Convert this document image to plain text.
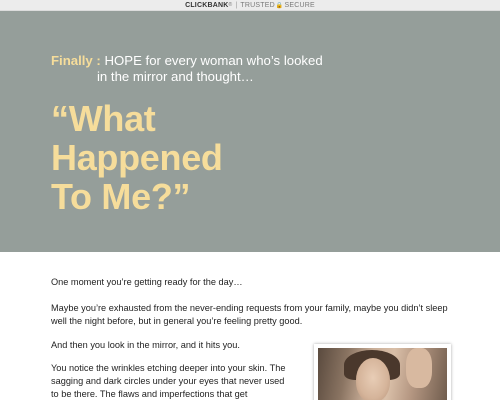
CLICKBANK ® | TRUSTED 🔒 SECURE
Finally : HOPE for every woman who’s looked
in the mirror and thought…
“What
Happened
To Me?”

One moment you’re getting ready for the day…

Maybe you’re exhausted from the never-ending requests from your family, maybe you didn’t sleep well the night before, but in general you’re feeling pretty good.

And then you look in the mirror, and it hits you.

You notice the wrinkles etching deeper into your skin. The sagging and dark circles under your eyes that never used to be there. The flaws and imperfections that get
